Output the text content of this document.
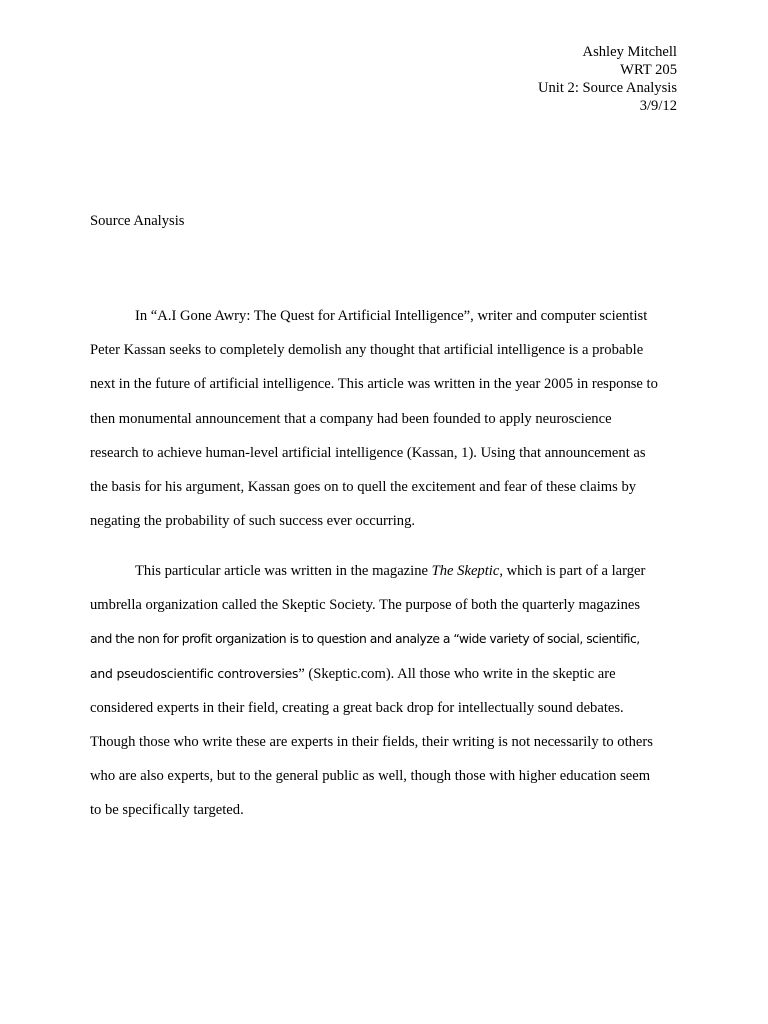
Ashley Mitchell
WRT 205
Unit 2: Source Analysis
3/9/12
Source Analysis

In “A.I Gone Awry: The Quest for Artificial Intelligence”, writer and computer scientist
Peter Kassan seeks to completely demolish any thought that artificial intelligence is a probable
next in the future of artificial intelligence. This article was written in the year 2005 in response to
then monumental announcement that a company had been founded to apply neuroscience
research to achieve human-level artificial intelligence (Kassan, 1). Using that announcement as
the basis for his argument, Kassan goes on to quell the excitement and fear of these claims by
negating the probability of such success ever occurring.

This particular article was written in the magazine The Skeptic, which is part of a larger
umbrella organization called the Skeptic Society. The purpose of both the quarterly magazines
and the non for profit organization is to question and analyze a “wide variety of social, scientific,
and pseudoscientific controversies” (Skeptic.com). All those who write in the skeptic are
considered experts in their field, creating a great back drop for intellectually sound debates.
Though those who write these are experts in their fields, their writing is not necessarily to others
who are also experts, but to the general public as well, though those with higher education seem
to be specifically targeted.
